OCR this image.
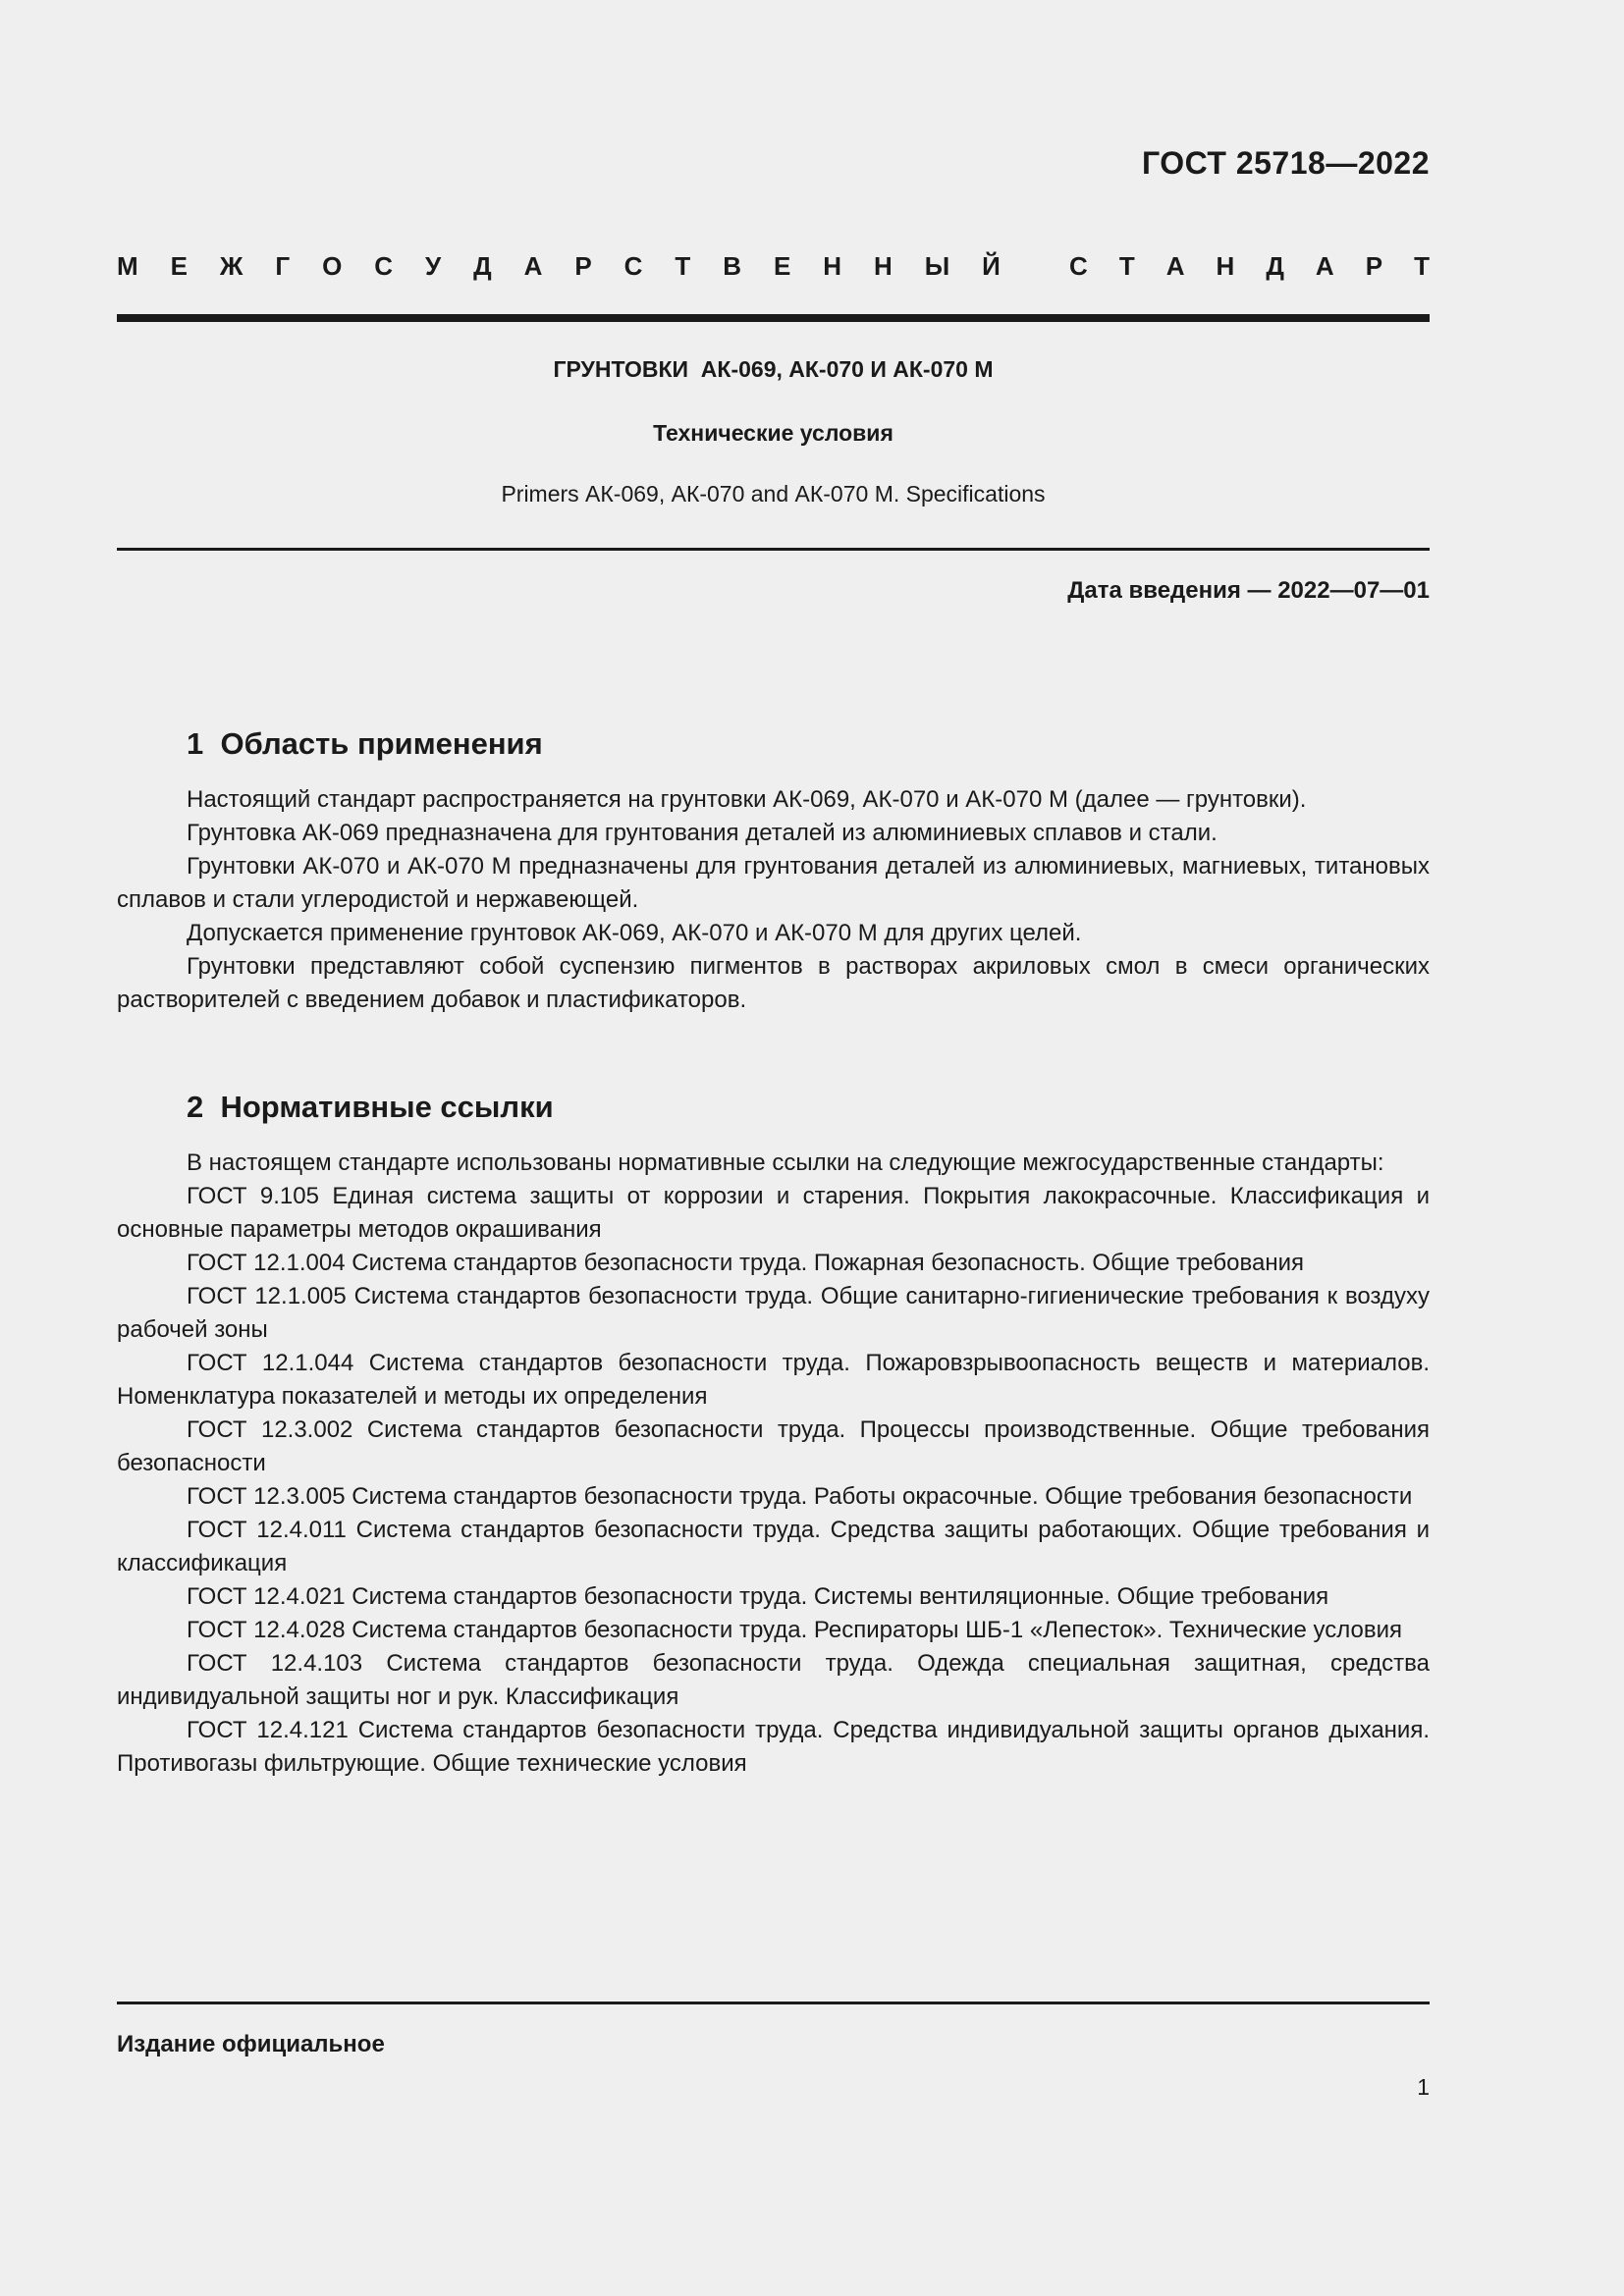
ГОСТ 25718—2022
М Е Ж Г О С У Д А Р С Т В Е Н Н Ы Й	С Т А Н Д А Р Т
ГРУНТОВКИ  АК-069, АК-070 И АК-070 М
Технические условия
Primers АК-069, АК-070 and АК-070 M. Specifications
Дата введения — 2022—07—01
1  Область применения

Настоящий стандарт распространяется на грунтовки АК-069, АК-070 и АК-070 М (далее — грунтовки).

Грунтовка АК-069 предназначена для грунтования деталей из алюминиевых сплавов и стали.

Грунтовки АК-070 и АК-070 М предназначены для грунтования деталей из алюминиевых, магниевых, титановых сплавов и стали углеродистой и нержавеющей.

Допускается применение грунтовок АК-069, АК-070 и АК-070 М для других целей.

Грунтовки представляют собой суспензию пигментов в растворах акриловых смол в смеси органических растворителей с введением добавок и пластификаторов.

2  Нормативные ссылки

В настоящем стандарте использованы нормативные ссылки на следующие межгосударственные стандарты:

ГОСТ 9.105 Единая система защиты от коррозии и старения. Покрытия лакокрасочные. Классификация и основные параметры методов окрашивания

ГОСТ 12.1.004 Система стандартов безопасности труда. Пожарная безопасность. Общие требования

ГОСТ 12.1.005 Система стандартов безопасности труда. Общие санитарно-гигиенические требования к воздуху рабочей зоны

ГОСТ 12.1.044 Система стандартов безопасности труда. Пожаровзрывоопасность веществ и материалов. Номенклатура показателей и методы их определения

ГОСТ 12.3.002 Система стандартов безопасности труда. Процессы производственные. Общие требования безопасности

ГОСТ 12.3.005 Система стандартов безопасности труда. Работы окрасочные. Общие требования безопасности

ГОСТ 12.4.011 Система стандартов безопасности труда. Средства защиты работающих. Общие требования и классификация

ГОСТ 12.4.021 Система стандартов безопасности труда. Системы вентиляционные. Общие требования

ГОСТ 12.4.028 Система стандартов безопасности труда. Респираторы ШБ-1 «Лепесток». Технические условия

ГОСТ 12.4.103 Система стандартов безопасности труда. Одежда специальная защитная, средства индивидуальной защиты ног и рук. Классификация

ГОСТ 12.4.121 Система стандартов безопасности труда. Средства индивидуальной защиты органов дыхания. Противогазы фильтрующие. Общие технические условия

Издание официальное
1
